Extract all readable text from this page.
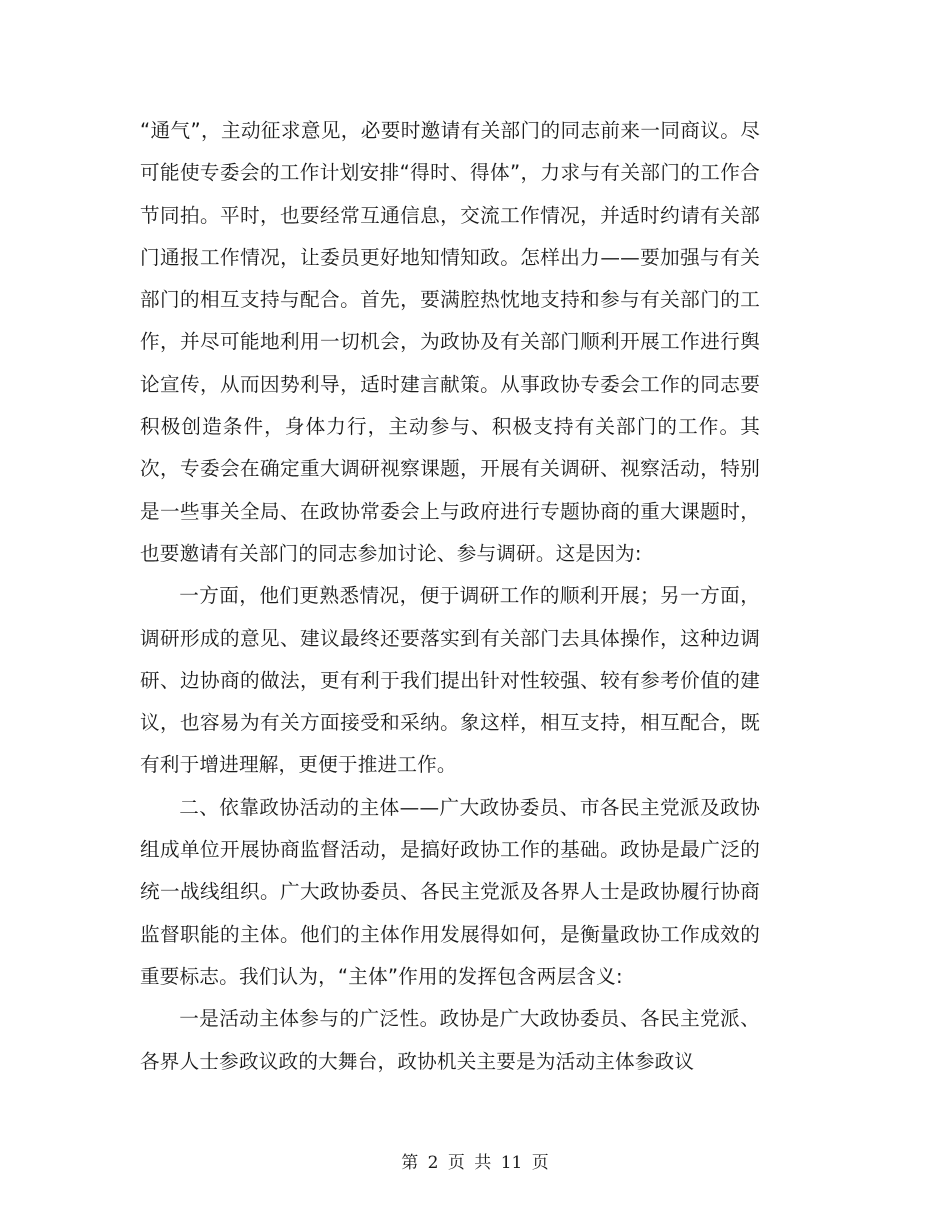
“通气”，主动征求意见，必要时邀请有关部门的同志前来一同商议。尽可能使专委会的工作计划安排“得时、得体”，力求与有关部门的工作合节同拍。平时，也要经常互通信息，交流工作情况，并适时约请有关部门通报工作情况，让委员更好地知情知政。怎样出力——要加强与有关部门的相互支持与配合。首先，要满腔热忱地支持和参与有关部门的工作，并尽可能地利用一切机会，为政协及有关部门顺利开展工作进行舆论宣传，从而因势利导，适时建言献策。从事政协专委会工作的同志要积极创造条件，身体力行，主动参与、积极支持有关部门的工作。其次，专委会在确定重大调研视察课题，开展有关调研、视察活动，特别是一些事关全局、在政协常委会上与政府进行专题协商的重大课题时，也要邀请有关部门的同志参加讨论、参与调研。这是因为:

一方面，他们更熟悉情况，便于调研工作的顺利开展；另一方面，调研形成的意见、建议最终还要落实到有关部门去具体操作，这种边调研、边协商的做法，更有利于我们提出针对性较强、较有参考价值的建议，也容易为有关方面接受和采纳。象这样，相互支持，相互配合，既有利于增进理解，更便于推进工作。

二、依靠政协活动的主体——广大政协委员、市各民主党派及政协组成单位开展协商监督活动，是搞好政协工作的基础。政协是最广泛的统一战线组织。广大政协委员、各民主党派及各界人士是政协履行协商监督职能的主体。他们的主体作用发展得如何，是衡量政协工作成效的重要标志。我们认为，“主体”作用的发挥包含两层含义:

一是活动主体参与的广泛性。政协是广大政协委员、各民主党派、各界人士参政议政的大舞台，政协机关主要是为活动主体参政议

第 2 页 共 11 页
